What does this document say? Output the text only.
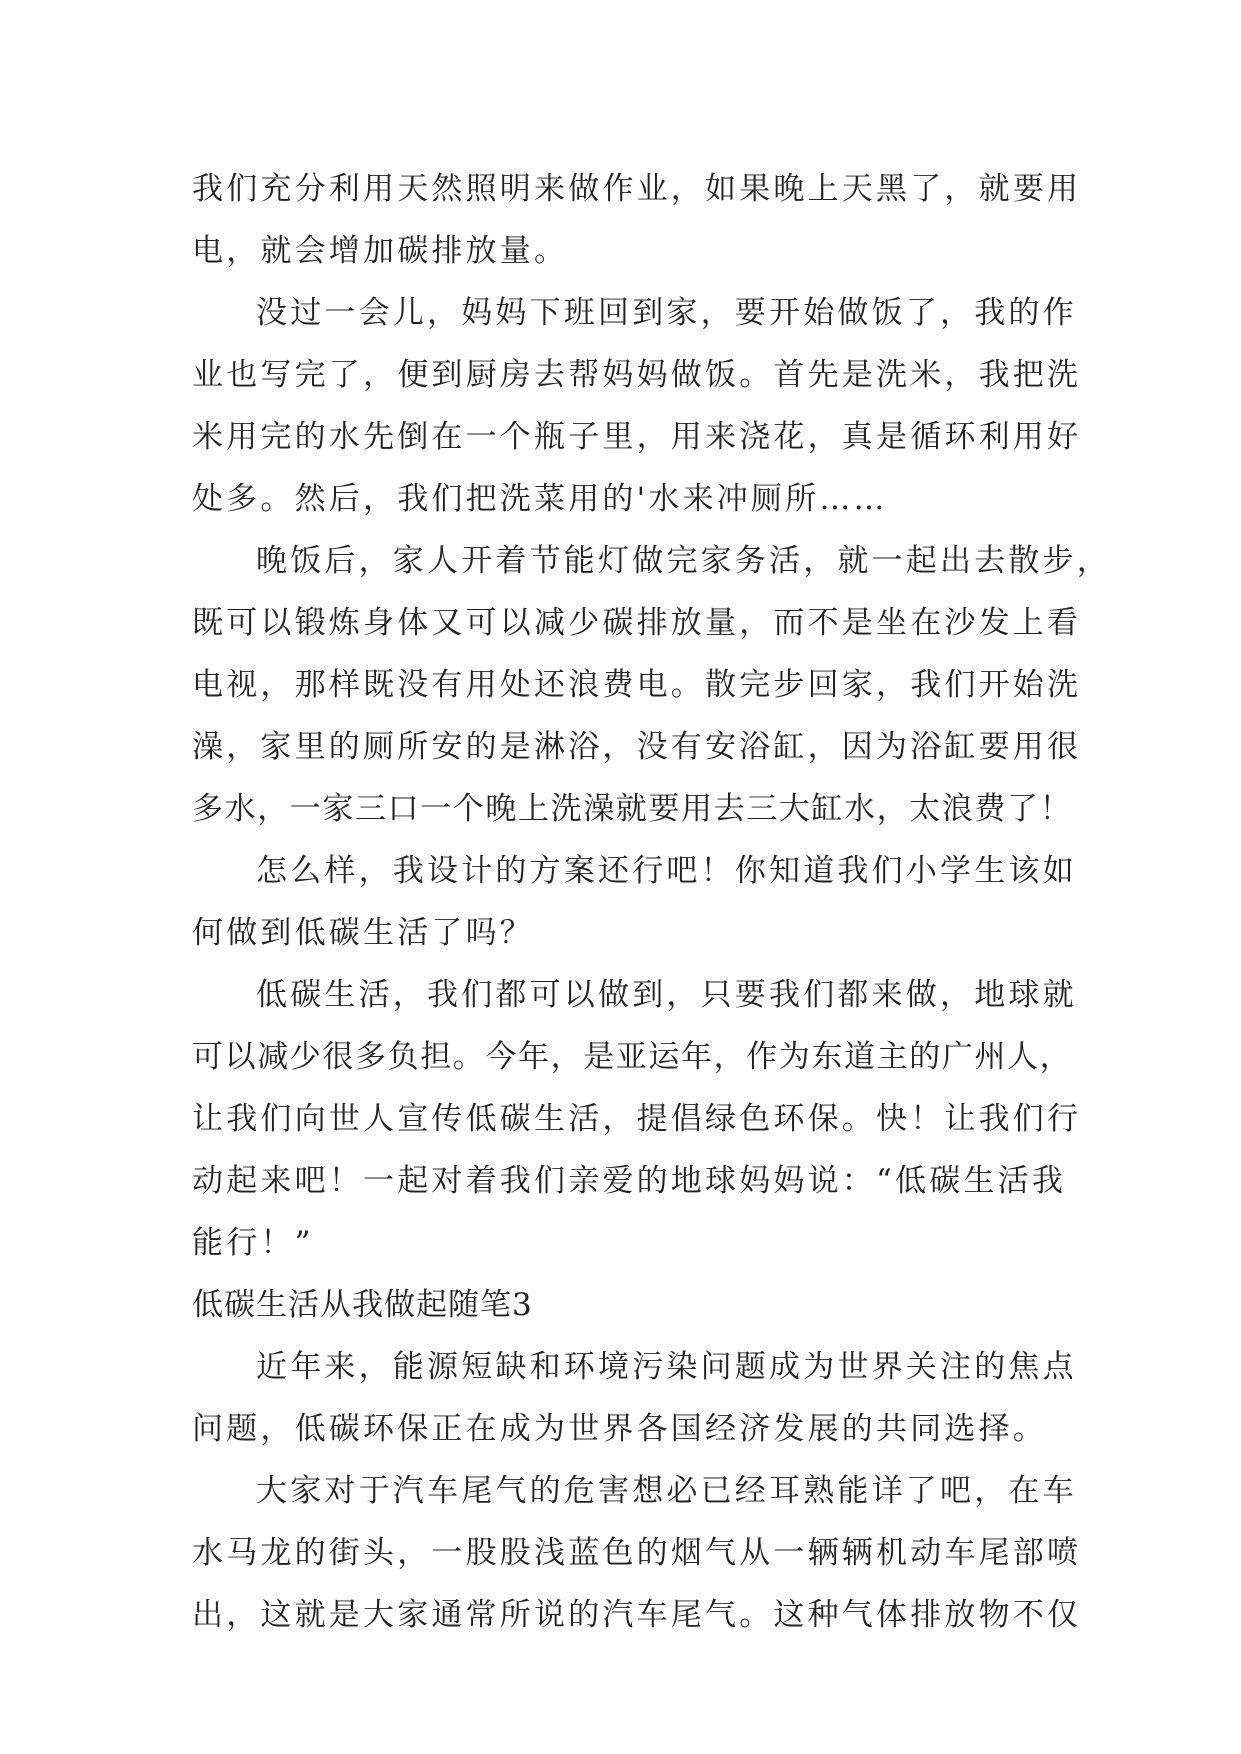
我们充分利用天然照明来做作业，如果晚上天黑了，就要用
电，就会增加碳排放量。
没过一会儿，妈妈下班回到家，要开始做饭了，我的作
业也写完了，便到厨房去帮妈妈做饭。首先是洗米，我把洗
米用完的水先倒在一个瓶子里，用来浇花，真是循环利用好
处多。然后，我们把洗菜用的'水来冲厕所……
晚饭后，家人开着节能灯做完家务活，就一起出去散步，
既可以锻炼身体又可以减少碳排放量，而不是坐在沙发上看
电视，那样既没有用处还浪费电。散完步回家，我们开始洗
澡，家里的厕所安的是淋浴，没有安浴缸，因为浴缸要用很
多水，一家三口一个晚上洗澡就要用去三大缸水，太浪费了！
怎么样，我设计的方案还行吧！你知道我们小学生该如
何做到低碳生活了吗？
低碳生活，我们都可以做到，只要我们都来做，地球就
可以减少很多负担。今年，是亚运年，作为东道主的广州人，
让我们向世人宣传低碳生活，提倡绿色环保。快！让我们行
动起来吧！一起对着我们亲爱的地球妈妈说：“低碳生活我
能行！”
低碳生活从我做起随笔3
近年来，能源短缺和环境污染问题成为世界关注的焦点
问题，低碳环保正在成为世界各国经济发展的共同选择。
大家对于汽车尾气的危害想必已经耳熟能详了吧，在车
水马龙的街头，一股股浅蓝色的烟气从一辆辆机动车尾部喷
出，这就是大家通常所说的汽车尾气。这种气体排放物不仅
